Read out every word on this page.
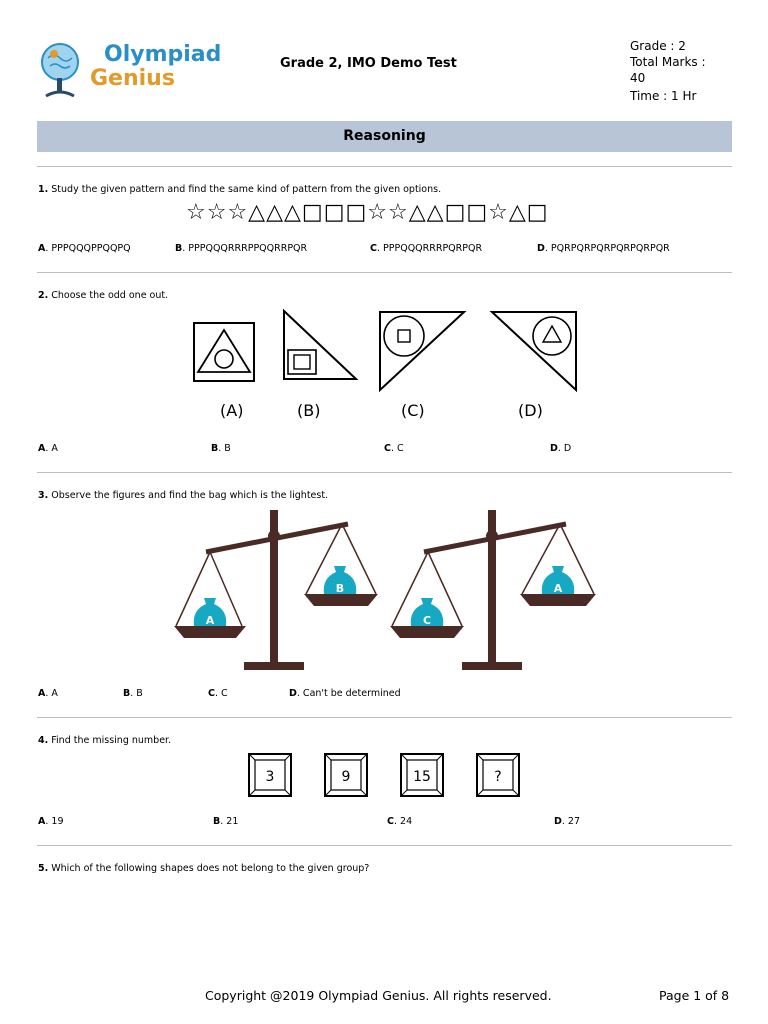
Olympiad
Genius
Grade 2, IMO Demo Test
Grade : 2
Total Marks :
40
Time : 1 Hr
Reasoning
1. Study the given pattern and find the same kind of pattern from the given options.
☆☆☆△△△□□□☆☆△△□□☆△□
A. PPPQQQPPQQPQ	B. PPPQQQRRRPPQQRRPQR	C. PPPQQQRRRPQRPQR	D. PQRPQRPQRPQRPQRPQR
2. Choose the odd one out.
(A)	(B)	(C)	(D)
A. A	B. B	C. C	D. D
3. Observe the figures and find the bag which is the lightest.
A
B
C
A
A. A	B. B	C. C	D. Can't be determined
4. Find the missing number.
3	9	15	?
A. 19	B. 21	C. 24	D. 27
5. Which of the following shapes does not belong to the given group?
Copyright @2019 Olympiad Genius. All rights reserved.	Page 1 of 8
